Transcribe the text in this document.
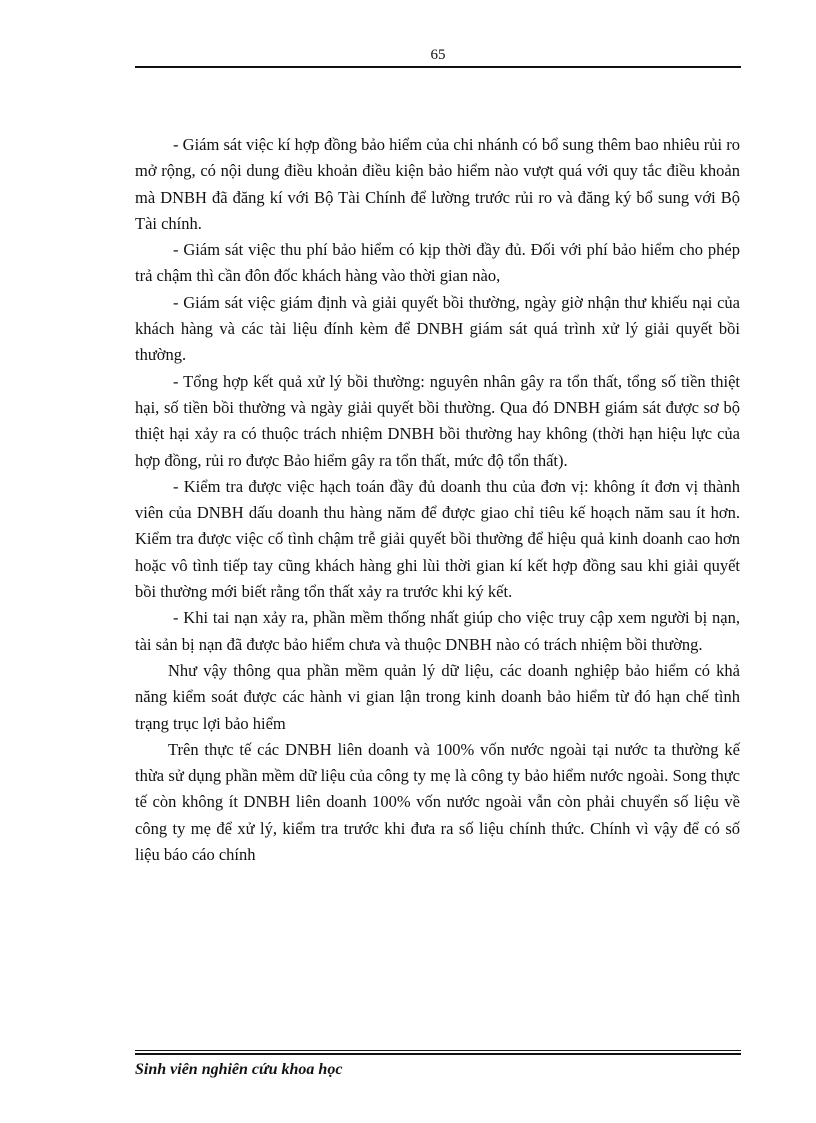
65

- Giám sát việc kí hợp đồng bảo hiểm của chi nhánh có bổ sung thêm bao nhiêu rủi ro mở rộng, có nội dung điều khoản điều kiện bảo hiểm nào vượt quá với quy tắc điều khoản mà DNBH đã đăng kí với Bộ Tài Chính để lường trước rủi ro và đăng ký bổ sung với Bộ Tài chính.

- Giám sát việc thu phí bảo hiểm có kịp thời đầy đủ. Đối với phí bảo hiểm cho phép trả chậm thì cần đôn đốc khách hàng vào thời gian nào,

- Giám sát việc giám định và giải quyết bồi thường, ngày giờ nhận thư khiếu nại của khách hàng và các tài liệu đính kèm để DNBH giám sát quá trình xử lý giải quyết bồi thường.

- Tổng hợp kết quả xử lý bồi thường: nguyên nhân gây ra tổn thất, tổng số tiền thiệt hại, số tiền bồi thường và ngày giải quyết bồi thường. Qua đó DNBH giám sát được sơ bộ thiệt hại xảy ra có thuộc trách nhiệm DNBH bồi thường hay không (thời hạn hiệu lực của hợp đồng, rủi ro được Bảo hiểm gây ra tổn thất, mức độ tổn thất).

- Kiểm tra được việc hạch toán đầy đủ doanh thu của đơn vị: không ít đơn vị thành viên của DNBH dấu doanh thu hàng năm để được giao chỉ tiêu kế hoạch năm sau ít hơn. Kiểm tra được việc cố tình chậm trễ giải quyết bồi thường để hiệu quả kinh doanh cao hơn hoặc vô tình tiếp tay cũng khách hàng ghi lùi thời gian kí kết hợp đồng sau khi giải quyết bồi thường mới biết rằng tổn thất xảy ra trước khi ký kết.

- Khi tai nạn xảy ra, phần mềm thống nhất giúp cho việc truy cập xem người bị nạn, tài sản bị nạn đã được bảo hiểm chưa và thuộc DNBH nào có trách nhiệm bồi thường.

Như vậy thông qua phần mềm quản lý dữ liệu, các doanh nghiệp bảo hiểm có khả năng kiểm soát được các hành vi gian lận trong kinh doanh bảo hiểm từ đó hạn chế tình trạng trục lợi bảo hiểm

Trên thực tế các DNBH liên doanh và 100% vốn nước ngoài tại nước ta thường kế thừa sử dụng phần mềm dữ liệu của công ty mẹ là công ty bảo hiểm nước ngoài. Song thực tế còn không ít DNBH liên doanh 100% vốn nước ngoài vẫn còn phải chuyển số liệu về công ty mẹ để xử lý, kiểm tra trước khi đưa ra số liệu chính thức. Chính vì vậy để có số liệu báo cáo chính

Sinh viên nghiên cứu khoa học
